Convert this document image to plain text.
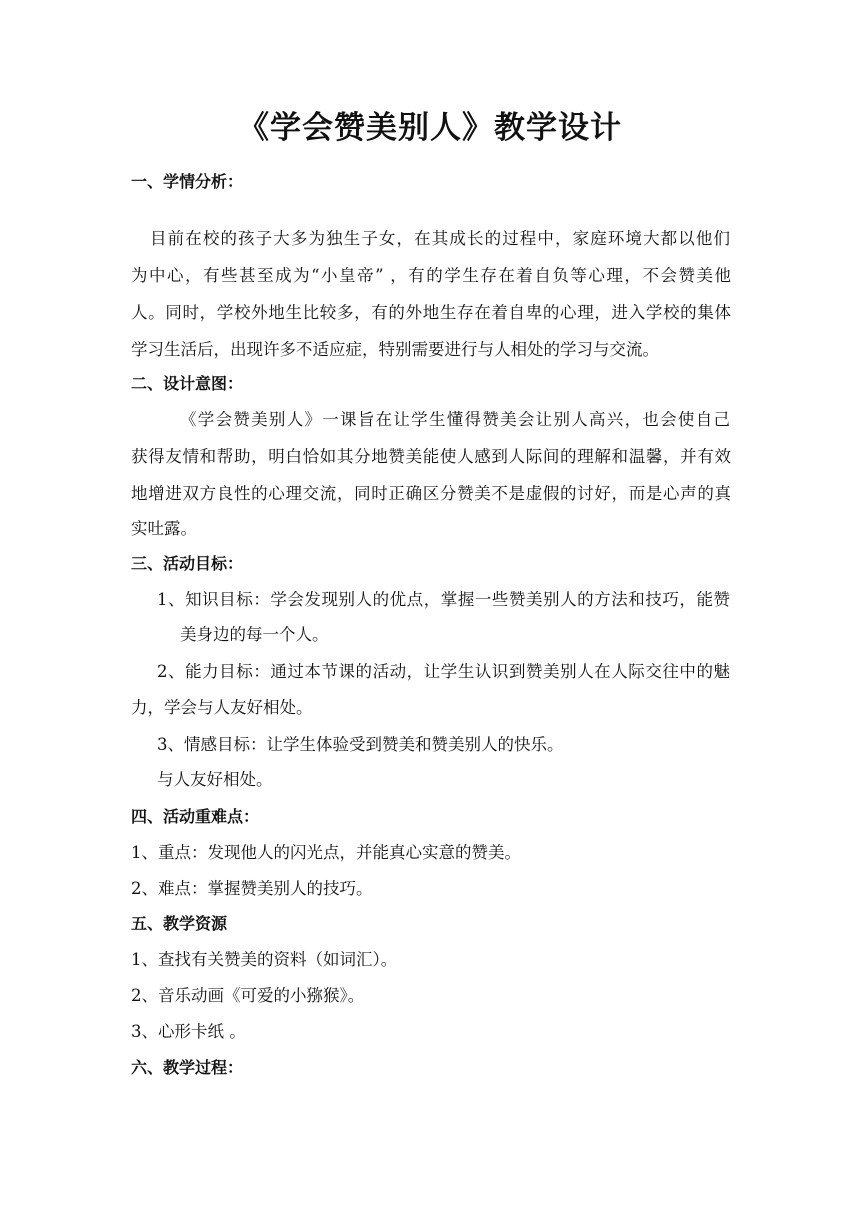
《学会赞美别人》教学设计
一、学情分析：
目前在校的孩子大多为独生子女，在其成长的过程中，家庭环境大都以他们
为中心，有些甚至成为“小皇帝” ，有的学生存在着自负等心理，不会赞美他
人。同时，学校外地生比较多，有的外地生存在着自卑的心理，进入学校的集体
学习生活后，出现许多不适应症，特别需要进行与人相处的学习与交流。
二、设计意图：
《学会赞美别人》一课旨在让学生懂得赞美会让别人高兴，也会使自己
获得友情和帮助，明白恰如其分地赞美能使人感到人际间的理解和温馨，并有效
地增进双方良性的心理交流，同时正确区分赞美不是虚假的讨好，而是心声的真
实吐露。
三、活动目标：
1、知识目标：学会发现别人的优点，掌握一些赞美别人的方法和技巧，能赞
美身边的每一个人。
2、能力目标：通过本节课的活动，让学生认识到赞美别人在人际交往中的魅
力，学会与人友好相处。
3、情感目标：让学生体验受到赞美和赞美别人的快乐。
与人友好相处。
四、活动重难点：
1、重点：发现他人的闪光点，并能真心实意的赞美。
2、难点：掌握赞美别人的技巧。
五、教学资源
1、查找有关赞美的资料（如词汇）。
2、音乐动画《可爱的小猕猴》。
3、心形卡纸 。
六、教学过程：
